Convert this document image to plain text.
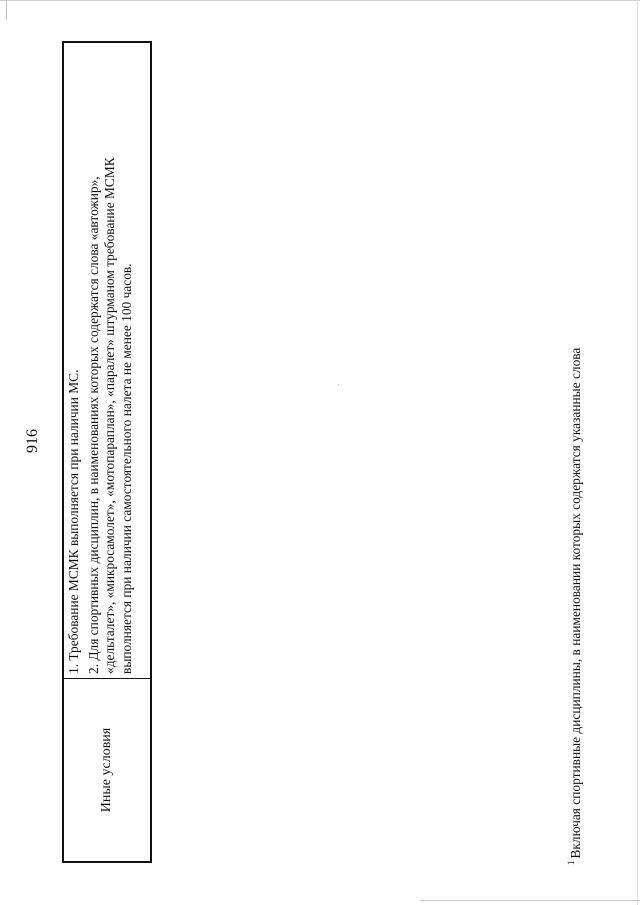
916
Иные условия
1. Требование МСМК выполняется при наличии МС. 2. Для спортивных дисциплин, в наименованиях которых содержатся слова «автожир», «дельталет», «микросамолет», «мотопараплан», «паралет» штурманом требование МСМК выполняется при наличии самостоятельного налета не менее 100 часов.
$^1$Включая спортивные дисциплины, в наименовании которых содержатся указанные слова
